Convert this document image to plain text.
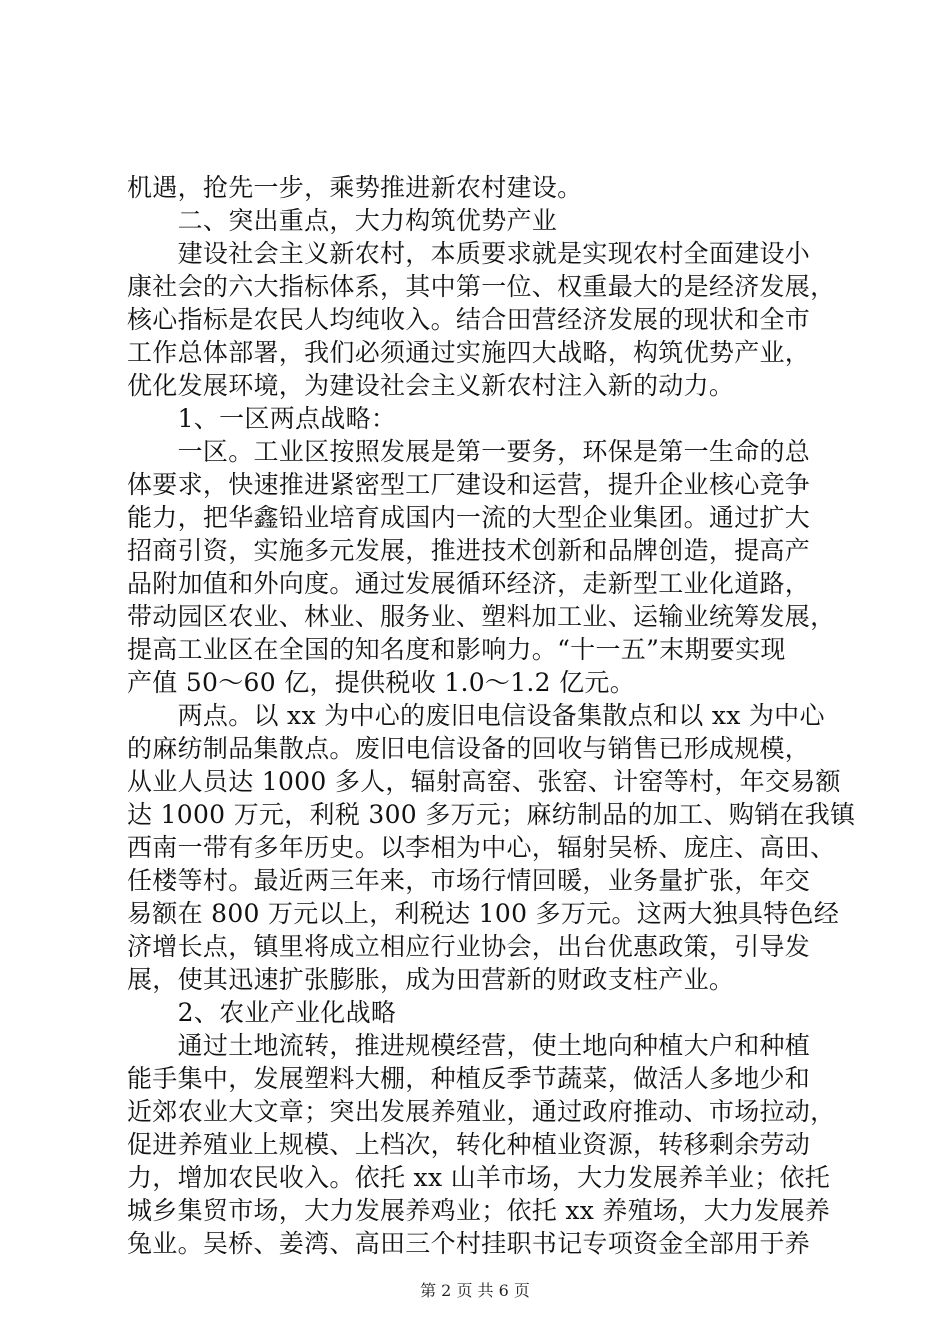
机遇，抢先一步，乘势推进新农村建设。
　　二、突出重点，大力构筑优势产业
　　建设社会主义新农村，本质要求就是实现农村全面建设小
康社会的六大指标体系，其中第一位、权重最大的是经济发展，
核心指标是农民人均纯收入。结合田营经济发展的现状和全市
工作总体部署，我们必须通过实施四大战略，构筑优势产业，
优化发展环境，为建设社会主义新农村注入新的动力。
　　1、一区两点战略：
　　一区。工业区按照发展是第一要务，环保是第一生命的总
体要求，快速推进紧密型工厂建设和运营，提升企业核心竞争
能力，把华鑫铅业培育成国内一流的大型企业集团。通过扩大
招商引资，实施多元发展，推进技术创新和品牌创造，提高产
品附加值和外向度。通过发展循环经济，走新型工业化道路，
带动园区农业、林业、服务业、塑料加工业、运输业统筹发展，
提高工业区在全国的知名度和影响力。“十一五”末期要实现
产值 50～60 亿，提供税收 1.0～1.2 亿元。
　　两点。以 xx 为中心的废旧电信设备集散点和以 xx 为中心
的麻纺制品集散点。废旧电信设备的回收与销售已形成规模，
从业人员达 1000 多人，辐射高窑、张窑、计窑等村，年交易额
达 1000 万元，利税 300 多万元；麻纺制品的加工、购销在我镇
西南一带有多年历史。以李相为中心，辐射吴桥、庞庄、高田、
任楼等村。最近两三年来，市场行情回暖，业务量扩张，年交
易额在 800 万元以上，利税达 100 多万元。这两大独具特色经
济增长点，镇里将成立相应行业协会，出台优惠政策，引导发
展，使其迅速扩张膨胀，成为田营新的财政支柱产业。
　　2、农业产业化战略
　　通过土地流转，推进规模经营，使土地向种植大户和种植
能手集中，发展塑料大棚，种植反季节蔬菜，做活人多地少和
近郊农业大文章；突出发展养殖业，通过政府推动、市场拉动，
促进养殖业上规模、上档次，转化种植业资源，转移剩余劳动
力，增加农民收入。依托 xx 山羊市场，大力发展养羊业；依托
城乡集贸市场，大力发展养鸡业；依托 xx 养殖场，大力发展养
兔业。吴桥、姜湾、高田三个村挂职书记专项资金全部用于养
第 2 页 共 6 页
